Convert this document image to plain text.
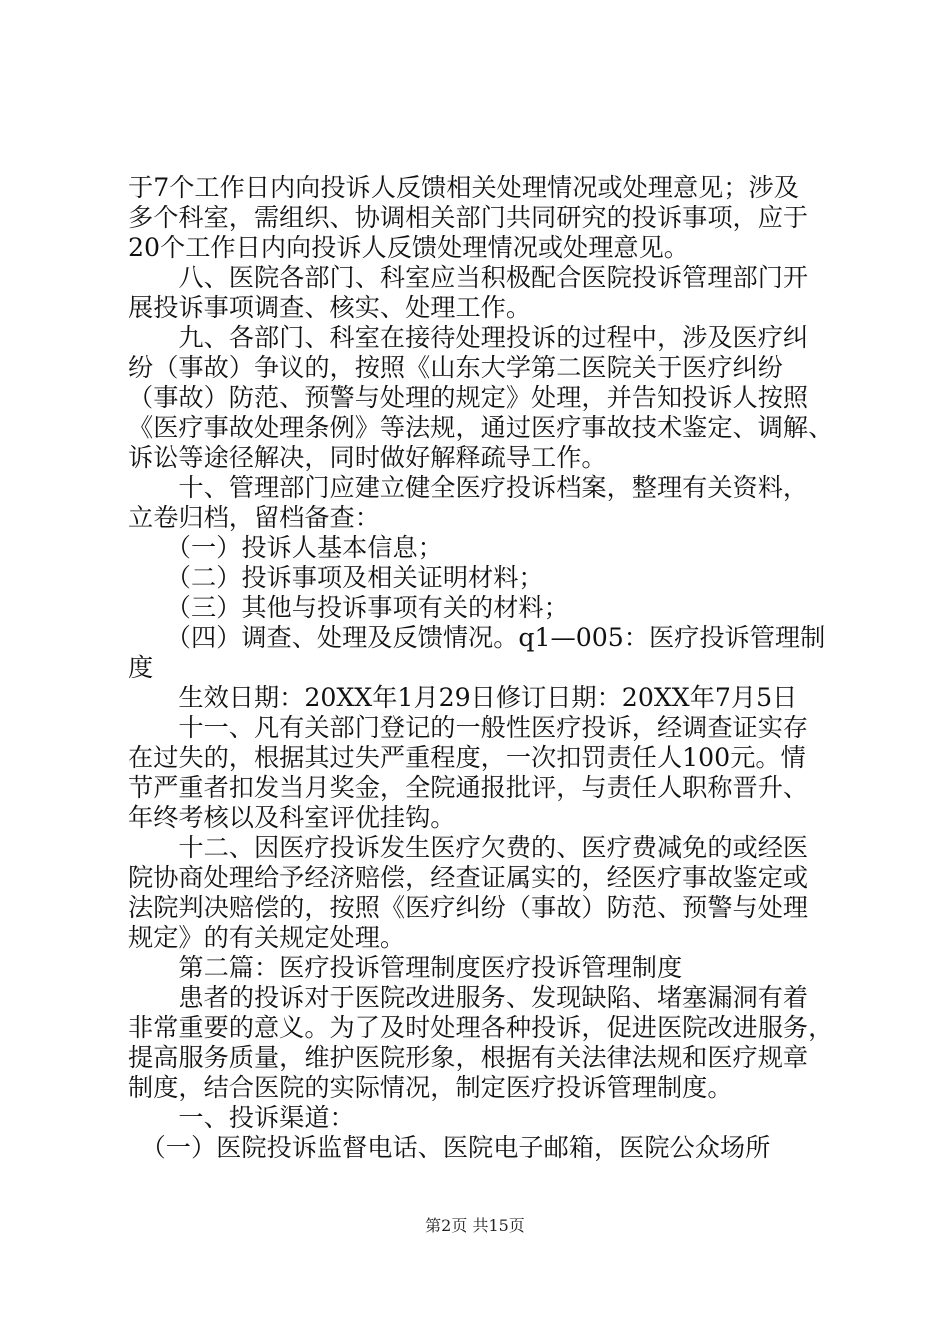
于7个工作日内向投诉人反馈相关处理情况或处理意见；涉及
多个科室，需组织、协调相关部门共同研究的投诉事项，应于
20个工作日内向投诉人反馈处理情况或处理意见。
　　八、医院各部门、科室应当积极配合医院投诉管理部门开
展投诉事项调查、核实、处理工作。
　　九、各部门、科室在接待处理投诉的过程中，涉及医疗纠
纷（事故）争议的，按照《山东大学第二医院关于医疗纠纷
（事故）防范、预警与处理的规定》处理，并告知投诉人按照
《医疗事故处理条例》等法规，通过医疗事故技术鉴定、调解、
诉讼等途径解决，同时做好解释疏导工作。
　　十、管理部门应建立健全医疗投诉档案，整理有关资料，
立卷归档，留档备查：
　　（一）投诉人基本信息；
　　（二）投诉事项及相关证明材料；
　　（三）其他与投诉事项有关的材料；
　　（四）调查、处理及反馈情况。q1—005：医疗投诉管理制
度
　　生效日期：20XX年1月29日修订日期：20XX年7月5日
　　十一、凡有关部门登记的一般性医疗投诉，经调查证实存
在过失的，根据其过失严重程度，一次扣罚责任人100元。情
节严重者扣发当月奖金，全院通报批评，与责任人职称晋升、
年终考核以及科室评优挂钩。
　　十二、因医疗投诉发生医疗欠费的、医疗费减免的或经医
院协商处理给予经济赔偿，经查证属实的，经医疗事故鉴定或
法院判决赔偿的，按照《医疗纠纷（事故）防范、预警与处理
规定》的有关规定处理。
　　第二篇：医疗投诉管理制度医疗投诉管理制度
　　患者的投诉对于医院改进服务、发现缺陷、堵塞漏洞有着
非常重要的意义。为了及时处理各种投诉，促进医院改进服务，
提高服务质量，维护医院形象，根据有关法律法规和医疗规章
制度，结合医院的实际情况，制定医疗投诉管理制度。
　　一、投诉渠道：
　（一）医院投诉监督电话、医院电子邮箱，医院公众场所
第2页 共15页
